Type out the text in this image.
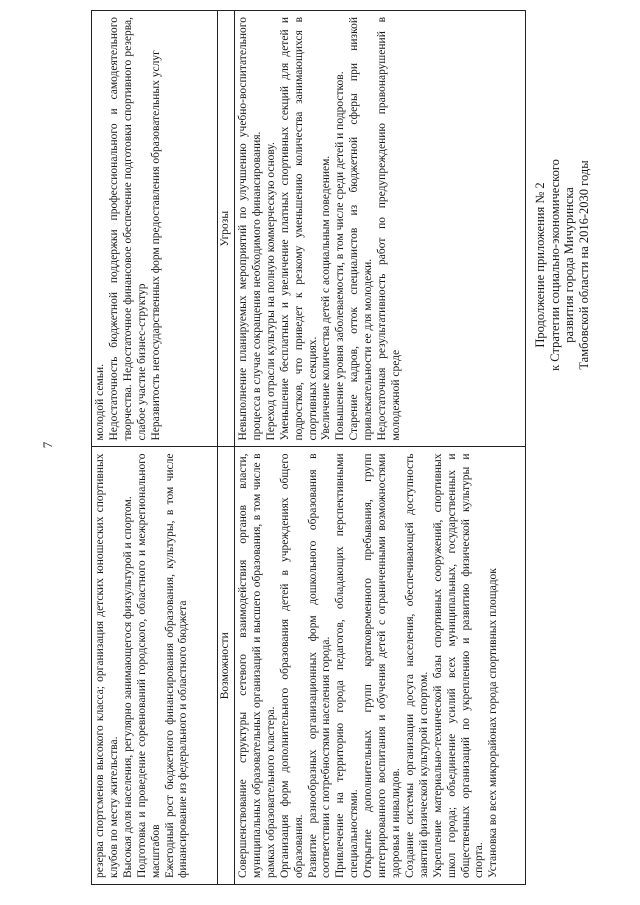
7
Продолжение приложения № 2 к Стратегии социально-экономического развития города Мичуринска Тамбовской области на 2016-2030 годы

резерва спортсменов высокого класса; организация детских юношеских спортивных клубов по месту жительства. Высокая доля населения, регулярно занимающегося физкультурой и спортом. Подготовка и проведение соревнований городского, областного и межрегионального масштабов Ежегодный рост бюджетного финансирования образования, культуры, в том числе финансирование из федерального и областного бюджета	Возможности Совершенствование структуры сетевого взаимодействия органов власти, муниципальных образовательных организаций и высшего образования, в том числе в рамках образовательного кластера. Организация форм дополнительного образования детей в учреждениях общего образования. Развитие разнообразных организационных форм дошкольного образования в соответствии с потребностями населения города. Привлечение на территорию города педагогов, обладающих перспективными специальностями. Открытие дополнительных групп кратковременного пребывания, групп интегрированного воспитания и обучения детей с ограниченными возможностями здоровья и инвалидов. Создание системы организации досуга населения, обеспечивающей доступность занятий физической культурой и спортом. Укрепление материально-технической базы спортивных сооружений, спортивных школ города; объединение усилий всех муниципальных, государственных и общественных организаций по укреплению и развитию физической культуры и спорта. Установка во всех микрорайонах города спортивных площадок

молодой семьи. Недостаточность бюджетной поддержки профессионального и самодеятельного творчества. Недостаточное финансовое обеспечение подготовки спортивного резерва, слабое участие бизнес-структур Неразвитость негосударственных форм предоставления образовательных услуг	Угрозы Невыполнение планируемых мероприятий по улучшению учебно-воспитательного процесса в случае сокращения необходимого финансирования. Переход отрасли культуры на полную коммерческую основу. Уменьшение бесплатных и увеличение платных спортивных секций для детей и подростков, что приведет к резкому уменьшению количества занимающихся в спортивных секциях. Увеличение количества детей с асоциальным поведением. Повышение уровня заболеваемости, в том числе среди детей и подростков. Старение кадров, отток специалистов из бюджетной сферы при низкой привлекательности ее для молодежи. Недостаточная результативность работ по предупреждению правонарушений в молодежной среде
